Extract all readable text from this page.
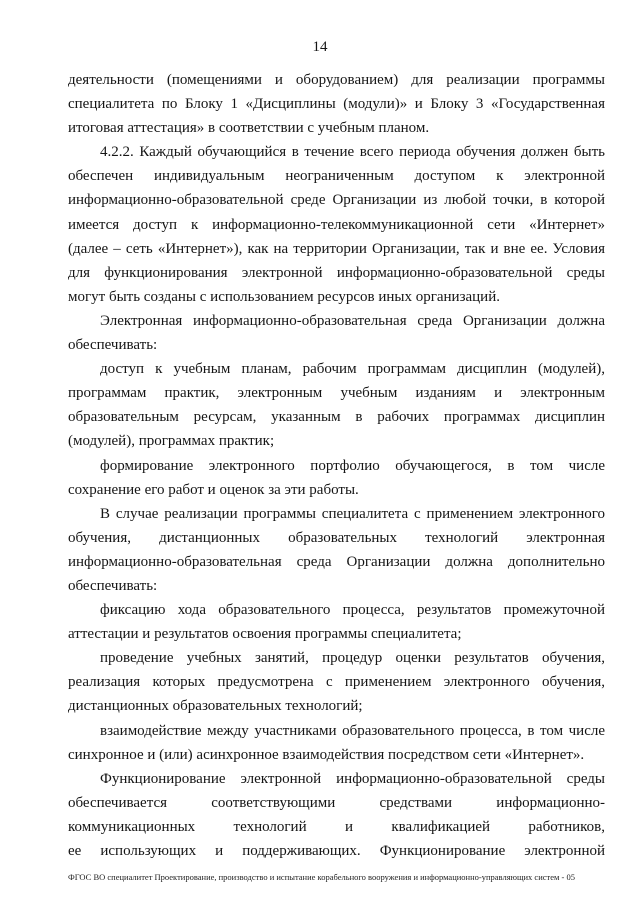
14
деятельности (помещениями и оборудованием) для реализации программы
специалитета по Блоку 1 «Дисциплины (модули)» и Блоку 3 «Государственная
итоговая аттестация» в соответствии с учебным планом.
4.2.2. Каждый обучающийся в течение всего периода обучения должен быть
обеспечен индивидуальным неограниченным доступом к электронной
информационно-образовательной среде Организации из любой точки, в которой
имеется доступ к информационно-телекоммуникационной сети «Интернет»
(далее – сеть «Интернет»), как на территории Организации, так и вне ее. Условия
для функционирования электронной информационно-образовательной среды
могут быть созданы с использованием ресурсов иных организаций.
Электронная информационно-образовательная среда Организации должна
обеспечивать:
доступ к учебным планам, рабочим программам дисциплин (модулей),
программам практик, электронным учебным изданиям и электронным
образовательным ресурсам, указанным в рабочих программах дисциплин
(модулей), программах практик;
формирование электронного портфолио обучающегося, в том числе
сохранение его работ и оценок за эти работы.
В случае реализации программы специалитета с применением электронного
обучения, дистанционных образовательных технологий электронная
информационно-образовательная среда Организации должна дополнительно
обеспечивать:
фиксацию хода образовательного процесса, результатов промежуточной
аттестации и результатов освоения программы специалитета;
проведение учебных занятий, процедур оценки результатов обучения,
реализация которых предусмотрена с применением электронного обучения,
дистанционных образовательных технологий;
взаимодействие между участниками образовательного процесса, в том числе
синхронное и (или) асинхронное взаимодействия посредством сети «Интернет».
Функционирование электронной информационно-образовательной среды
обеспечивается соответствующими средствами информационно-
коммуникационных технологий и квалификацией работников,
ее использующих и поддерживающих. Функционирование электронной
ФГОС ВО специалитет Проектирование, производство и испытание корабельного вооружения и информационно-управляющих систем - 05
